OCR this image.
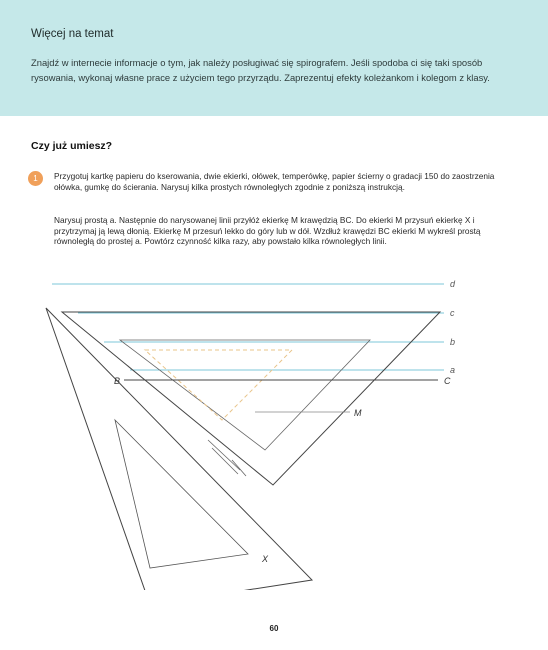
Więcej na temat
Znajdź w internecie informacje o tym, jak należy posługiwać się spirografem. Jeśli spodoba ci się taki sposób rysowania, wykonaj własne prace z użyciem tego przyrządu. Zaprezentuj efekty koleżankom i kolegom z klasy.
Czy już umiesz?
1	Przygotuj kartkę papieru do kserowania, dwie ekierki, ołówek, temperówkę, papier ścierny o gradacji 150 do zaostrzenia ołówka, gumkę do ścierania. Narysuj kilka prostych równoległych zgodnie z poniższą instrukcją.
Narysuj prostą a. Następnie do narysowanej linii przyłóż ekierkę M krawędzią BC. Do ekierki M przysuń ekierkę X i przytrzymaj ją lewą dłonią. Ekierkę M przesuń lekko do góry lub w dół. Wzdłuż krawędzi BC ekierki M wykreśl prostą równoległą do prostej a. Powtórz czynność kilka razy, aby powstało kilka równoległych linii.
d
c
b
a
B	C
M
X
60
